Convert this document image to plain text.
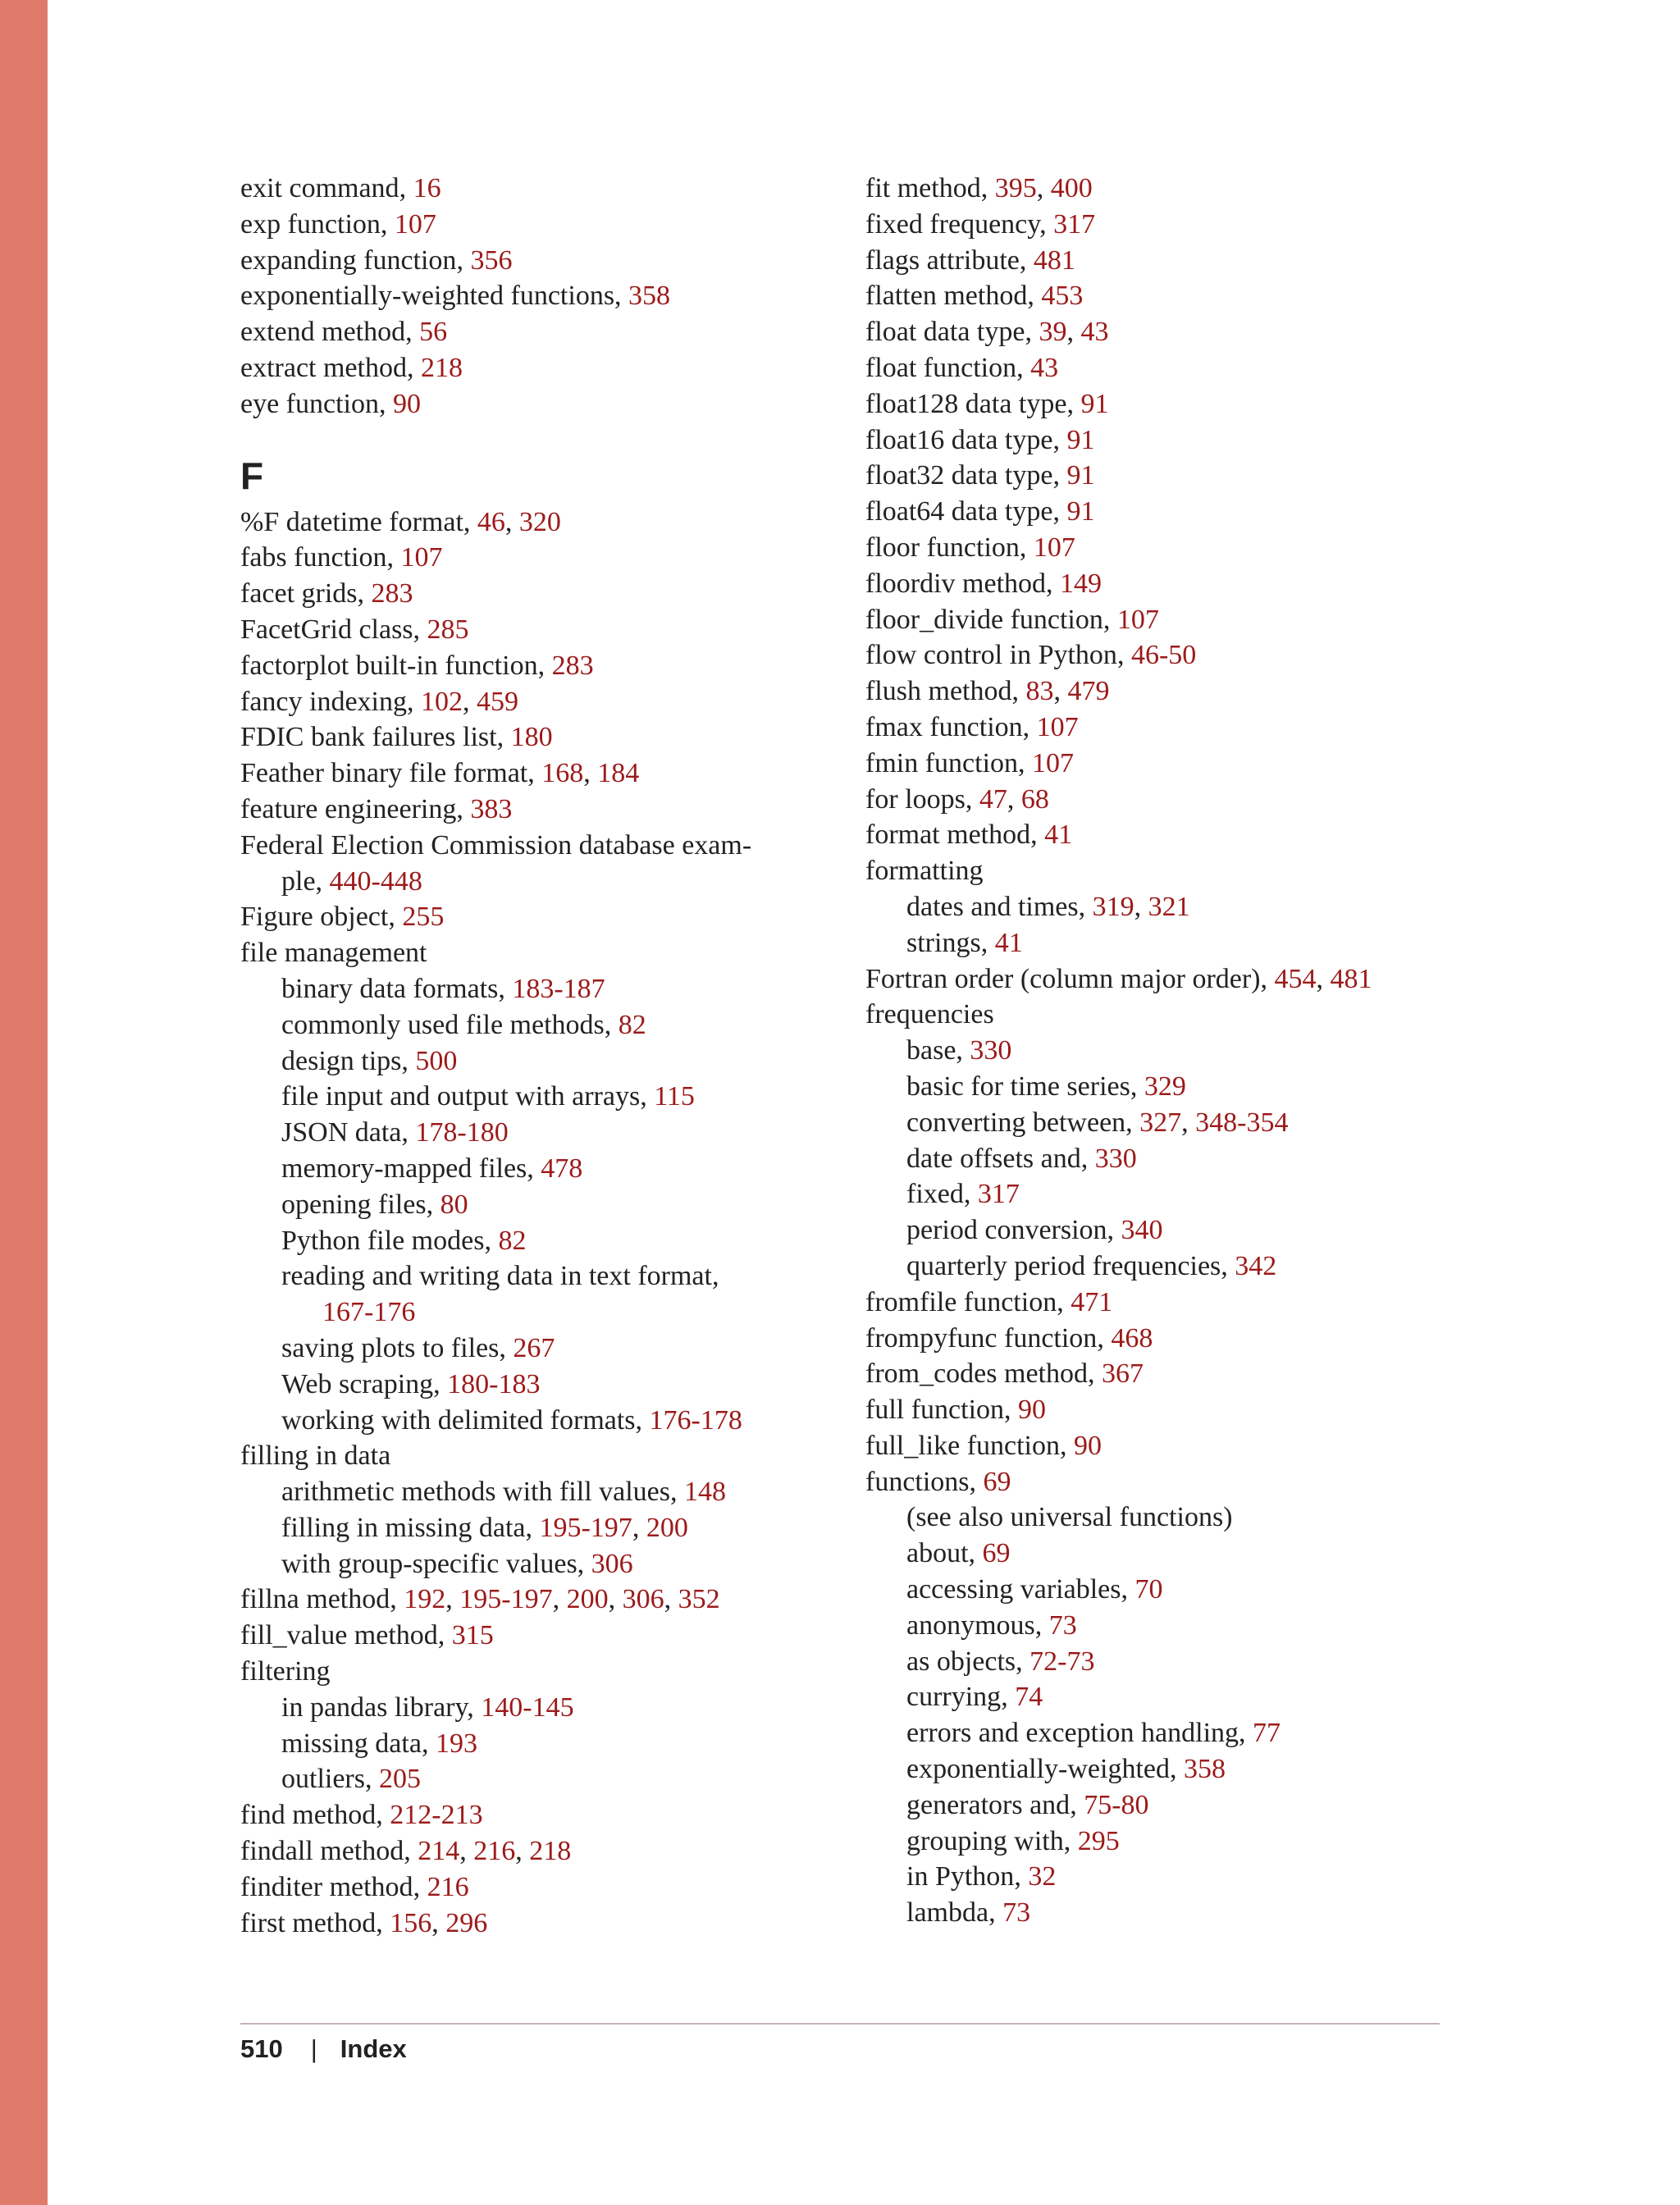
exit command, 16
exp function, 107
expanding function, 356
exponentially-weighted functions, 358
extend method, 56
extract method, 218
eye function, 90
F
%F datetime format, 46, 320
fabs function, 107
facet grids, 283
FacetGrid class, 285
factorplot built-in function, 283
fancy indexing, 102, 459
FDIC bank failures list, 180
Feather binary file format, 168, 184
feature engineering, 383
Federal Election Commission database exam-
ple, 440-448
Figure object, 255
file management
binary data formats, 183-187
commonly used file methods, 82
design tips, 500
file input and output with arrays, 115
JSON data, 178-180
memory-mapped files, 478
opening files, 80
Python file modes, 82
reading and writing data in text format,
167-176
saving plots to files, 267
Web scraping, 180-183
working with delimited formats, 176-178
filling in data
arithmetic methods with fill values, 148
filling in missing data, 195-197, 200
with group-specific values, 306
fillna method, 192, 195-197, 200, 306, 352
fill_value method, 315
filtering
in pandas library, 140-145
missing data, 193
outliers, 205
find method, 212-213
findall method, 214, 216, 218
finditer method, 216
first method, 156, 296
fit method, 395, 400
fixed frequency, 317
flags attribute, 481
flatten method, 453
float data type, 39, 43
float function, 43
float128 data type, 91
float16 data type, 91
float32 data type, 91
float64 data type, 91
floor function, 107
floordiv method, 149
floor_divide function, 107
flow control in Python, 46-50
flush method, 83, 479
fmax function, 107
fmin function, 107
for loops, 47, 68
format method, 41
formatting
dates and times, 319, 321
strings, 41
Fortran order (column major order), 454, 481
frequencies
base, 330
basic for time series, 329
converting between, 327, 348-354
date offsets and, 330
fixed, 317
period conversion, 340
quarterly period frequencies, 342
fromfile function, 471
frompyfunc function, 468
from_codes method, 367
full function, 90
full_like function, 90
functions, 69
(see also universal functions)
about, 69
accessing variables, 70
anonymous, 73
as objects, 72-73
currying, 74
errors and exception handling, 77
exponentially-weighted, 358
generators and, 75-80
grouping with, 295
in Python, 32
lambda, 73
510 | Index
